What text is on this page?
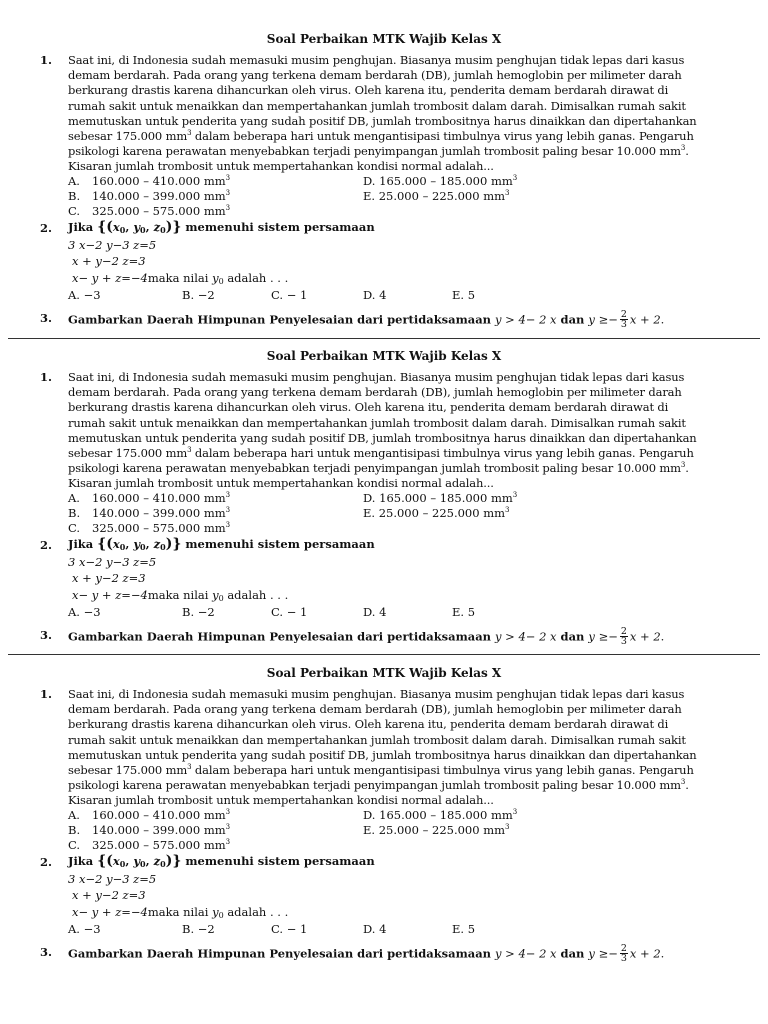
Soal Perbaikan MTK Wajib Kelas X
1. Saat ini, di Indonesia sudah memasuki musim penghujan. Biasanya musim penghujan tidak lepas dari kasus
demam berdarah. Pada orang yang terkena demam berdarah (DB), jumlah hemoglobin per milimeter darah
berkurang drastis karena dihancurkan oleh virus. Oleh karena itu, penderita demam berdarah dirawat di
rumah sakit untuk menaikkan dan mempertahankan jumlah trombosit dalam darah. Dimisalkan rumah sakit
memutuskan untuk penderita yang sudah positif DB, jumlah trombositnya harus dinaikkan dan dipertahankan
sebesar 175.000 $mm^3$ dalam beberapa hari untuk mengantisipasi timbulnya virus yang lebih ganas. Pengaruh
psikologi karena perawatan menyebabkan terjadi penyimpangan jumlah trombosit paling besar 10.000 $mm^3$.
Kisaran jumlah trombosit untuk mempertahankan kondisi normal adalah...
A. 160.000 – 410.000 $mm^3$	D. 165.000 – 185.000 $mm^3$
B. 140.000 – 399.000 $mm^3$	E. 25.000 – 225.000 $mm^3$
C. 325.000 – 575.000 $mm^3$
2. Jika {($x_0$, $y_0$, $z_0$)} memenuhi sistem persamaan
3 x−2 y−3 z=5
x + y−2 z=3
x− y + z=−4maka nilai $y_0$ adalah . . .
A. −3	B. −2	C. − 1	D. 4	E. 5
3. Gambarkan Daerah Himpunan Penyelesaian dari pertidaksamaan y > 4− 2 x dan $y \ge- \frac{2}{3}$ x + 2.
Soal Perbaikan MTK Wajib Kelas X
1. Saat ini, di Indonesia sudah memasuki musim penghujan. Biasanya musim penghujan tidak lepas dari kasus
demam berdarah. Pada orang yang terkena demam berdarah (DB), jumlah hemoglobin per milimeter darah
berkurang drastis karena dihancurkan oleh virus. Oleh karena itu, penderita demam berdarah dirawat di
rumah sakit untuk menaikkan dan mempertahankan jumlah trombosit dalam darah. Dimisalkan rumah sakit
memutuskan untuk penderita yang sudah positif DB, jumlah trombositnya harus dinaikkan dan dipertahankan
sebesar 175.000 $mm^3$ dalam beberapa hari untuk mengantisipasi timbulnya virus yang lebih ganas. Pengaruh
psikologi karena perawatan menyebabkan terjadi penyimpangan jumlah trombosit paling besar 10.000 $mm^3$.
Kisaran jumlah trombosit untuk mempertahankan kondisi normal adalah...
A. 160.000 – 410.000 $mm^3$	D. 165.000 – 185.000 $mm^3$
B. 140.000 – 399.000 $mm^3$	E. 25.000 – 225.000 $mm^3$
C. 325.000 – 575.000 $mm^3$
2. Jika {($x_0$, $y_0$, $z_0$)} memenuhi sistem persamaan
3 x−2 y−3 z=5
x + y−2 z=3
x− y + z=−4maka nilai $y_0$ adalah . . .
A. −3	B. −2	C. − 1	D. 4	E. 5
3. Gambarkan Daerah Himpunan Penyelesaian dari pertidaksamaan y > 4− 2 x dan $y \ge- \frac{2}{3}$ x + 2.
Soal Perbaikan MTK Wajib Kelas X
1. Saat ini, di Indonesia sudah memasuki musim penghujan. Biasanya musim penghujan tidak lepas dari kasus
demam berdarah. Pada orang yang terkena demam berdarah (DB), jumlah hemoglobin per milimeter darah
berkurang drastis karena dihancurkan oleh virus. Oleh karena itu, penderita demam berdarah dirawat di
rumah sakit untuk menaikkan dan mempertahankan jumlah trombosit dalam darah. Dimisalkan rumah sakit
memutuskan untuk penderita yang sudah positif DB, jumlah trombositnya harus dinaikkan dan dipertahankan
sebesar 175.000 $mm^3$ dalam beberapa hari untuk mengantisipasi timbulnya virus yang lebih ganas. Pengaruh
psikologi karena perawatan menyebabkan terjadi penyimpangan jumlah trombosit paling besar 10.000 $mm^3$.
Kisaran jumlah trombosit untuk mempertahankan kondisi normal adalah...
A. 160.000 – 410.000 $mm^3$	D. 165.000 – 185.000 $mm^3$
B. 140.000 – 399.000 $mm^3$	E. 25.000 – 225.000 $mm^3$
C. 325.000 – 575.000 $mm^3$
2. Jika {($x_0$, $y_0$, $z_0$)} memenuhi sistem persamaan
3 x−2 y−3 z=5
x + y−2 z=3
x− y + z=−4maka nilai $y_0$ adalah . . .
A. −3	B. −2	C. − 1	D. 4	E. 5
3. Gambarkan Daerah Himpunan Penyelesaian dari pertidaksamaan y > 4− 2 x dan $y \ge- \frac{2}{3}$ x + 2.
